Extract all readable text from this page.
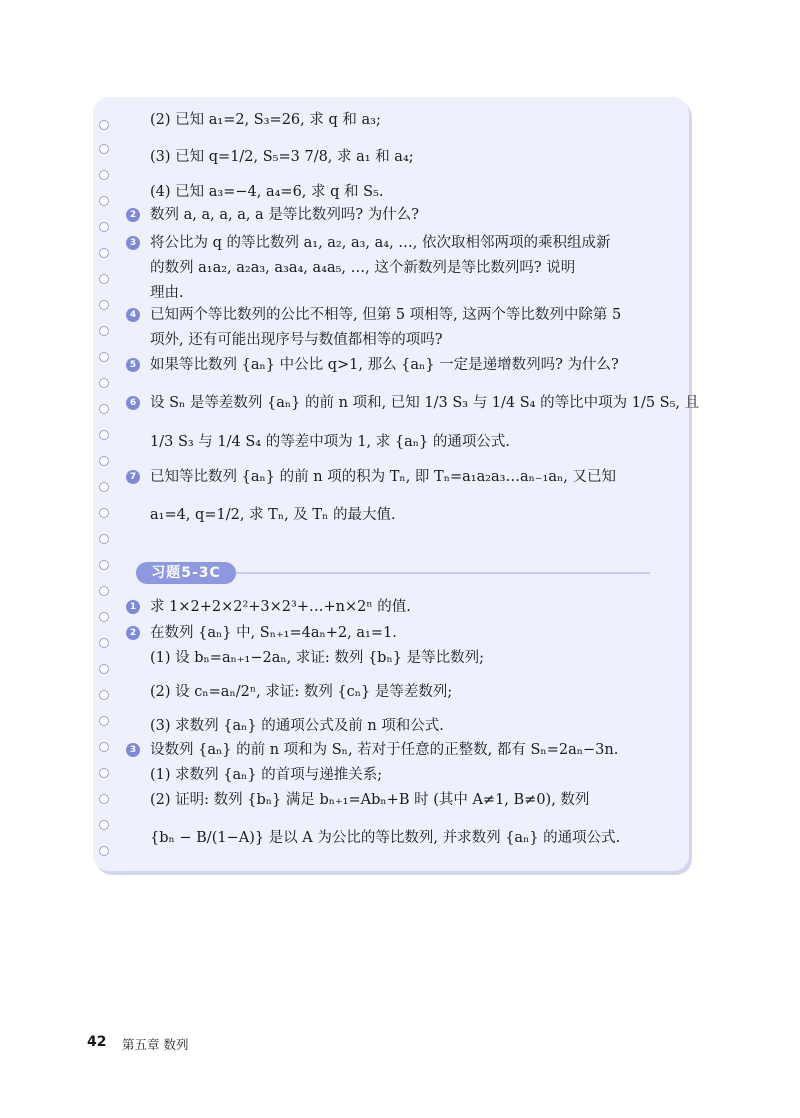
(2) 已知 a₁=2, S₃=26, 求 q 和 a₃;
(3) 已知 q=1/2, S₅=3 7/8, 求 a₁ 和 a₄;
(4) 已知 a₃=−4, a₄=6, 求 q 和 S₅.
2 数列 a, a, a, a, a 是等比数列吗? 为什么?
3 将公比为 q 的等比数列 a₁, a₂, a₃, a₄, …, 依次取相邻两项的乘积组成新
的数列 a₁a₂, a₂a₃, a₃a₄, a₄a₅, …, 这个新数列是等比数列吗? 说明
理由.
4 已知两个等比数列的公比不相等, 但第 5 项相等, 这两个等比数列中除第 5
项外, 还有可能出现序号与数值都相等的项吗?
5 如果等比数列 {aₙ} 中公比 q>1, 那么 {aₙ} 一定是递增数列吗? 为什么?
6 设 Sₙ 是等差数列 {aₙ} 的前 n 项和, 已知 1/3 S₃ 与 1/4 S₄ 的等比中项为 1/5 S₅, 且
1/3 S₃ 与 1/4 S₄ 的等差中项为 1, 求 {aₙ} 的通项公式.
7 已知等比数列 {aₙ} 的前 n 项的积为 Tₙ, 即 Tₙ=a₁a₂a₃…aₙ₋₁aₙ, 又已知
a₁=4, q=1/2, 求 Tₙ, 及 Tₙ 的最大值.
习题5-3C
1 求 1×2+2×2²+3×2³+…+n×2ⁿ 的值.
2 在数列 {aₙ} 中, Sₙ₊₁=4aₙ+2, a₁=1.
(1) 设 bₙ=aₙ₊₁−2aₙ, 求证: 数列 {bₙ} 是等比数列;
(2) 设 cₙ=aₙ/2ⁿ, 求证: 数列 {cₙ} 是等差数列;
(3) 求数列 {aₙ} 的通项公式及前 n 项和公式.
3 设数列 {aₙ} 的前 n 项和为 Sₙ, 若对于任意的正整数, 都有 Sₙ=2aₙ−3n.
(1) 求数列 {aₙ} 的首项与递推关系;
(2) 证明: 数列 {bₙ} 满足 bₙ₊₁=Abₙ+B 时 (其中 A≠1, B≠0), 数列
{bₙ − B/(1−A)} 是以 A 为公比的等比数列, 并求数列 {aₙ} 的通项公式.
42 第五章 数列
